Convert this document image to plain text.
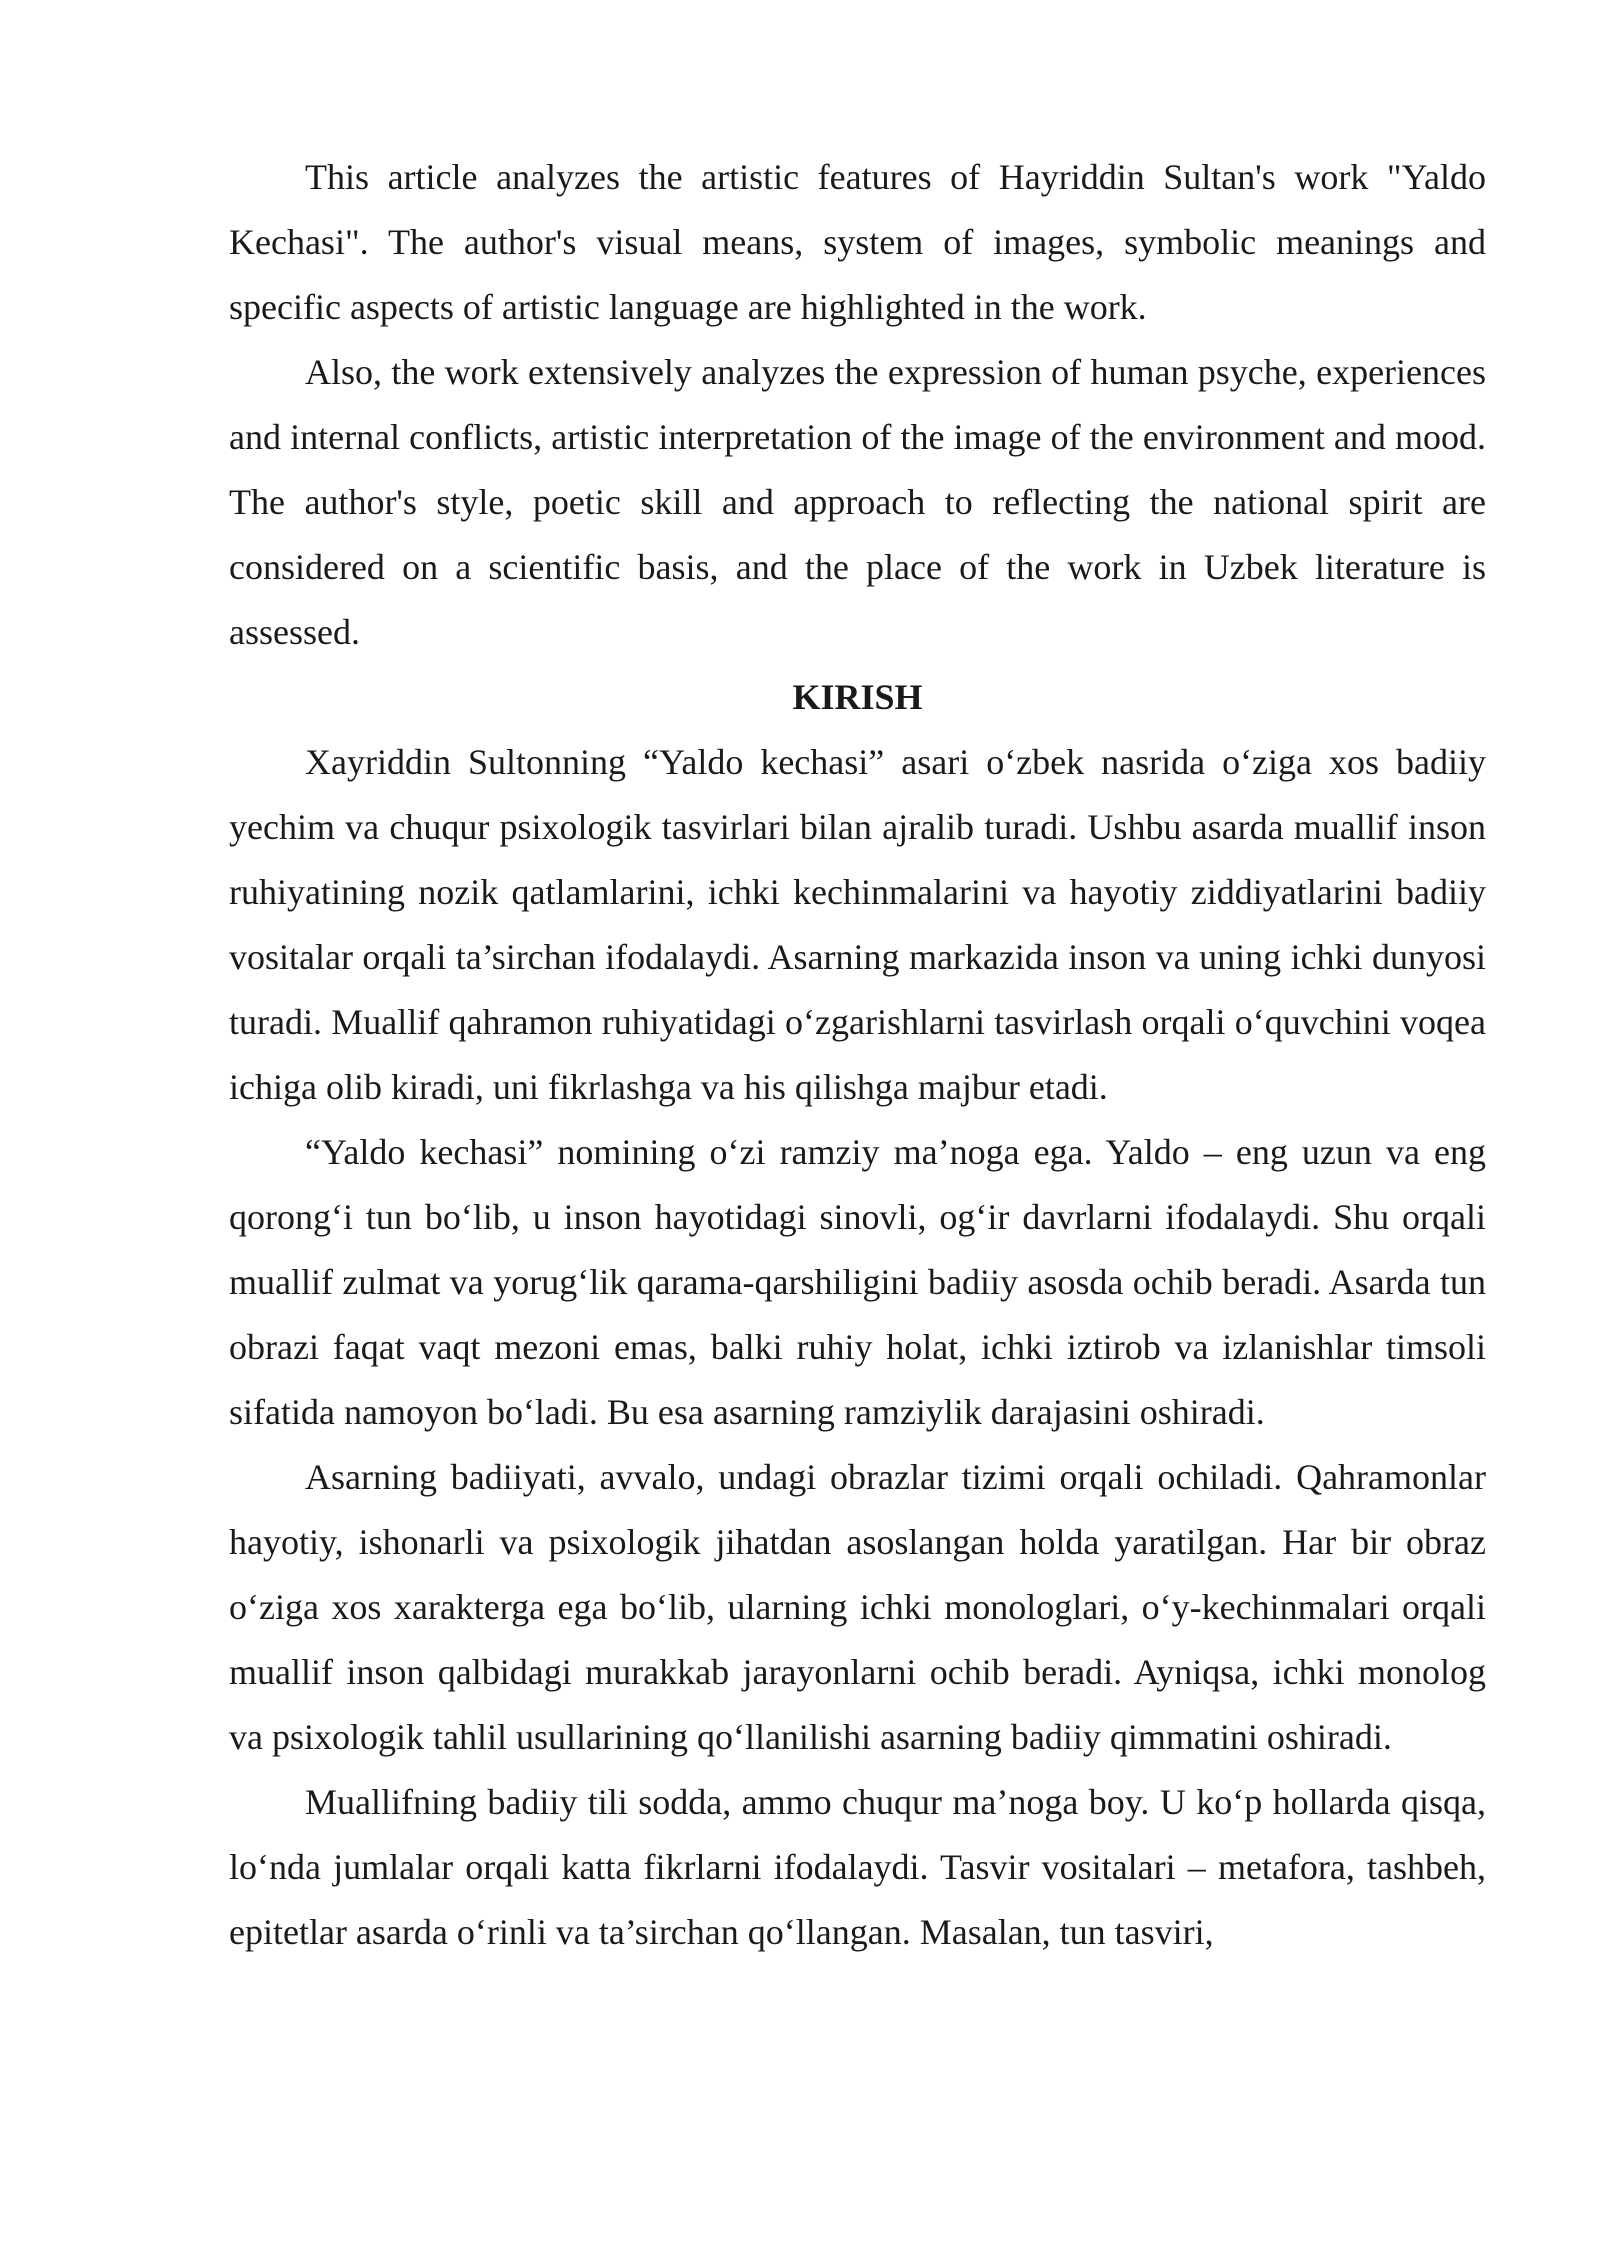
This article analyzes the artistic features of Hayriddin Sultan's work "Yaldo Kechasi". The author's visual means, system of images, symbolic meanings and specific aspects of artistic language are highlighted in the work.

Also, the work extensively analyzes the expression of human psyche, experiences and internal conflicts, artistic interpretation of the image of the environment and mood. The author's style, poetic skill and approach to reflecting the national spirit are considered on a scientific basis, and the place of the work in Uzbek literature is assessed.

KIRISH

Xayriddin Sultonning “Yaldo kechasi” asari o‘zbek nasrida o‘ziga xos badiiy yechim va chuqur psixologik tasvirlari bilan ajralib turadi. Ushbu asarda muallif inson ruhiyatining nozik qatlamlarini, ichki kechinmalarini va hayotiy ziddiyatlarini badiiy vositalar orqali ta’sirchan ifodalaydi. Asarning markazida inson va uning ichki dunyosi turadi. Muallif qahramon ruhiyatidagi o‘zgarishlarni tasvirlash orqali o‘quvchini voqea ichiga olib kiradi, uni fikrlashga va his qilishga majbur etadi.

“Yaldo kechasi” nomining o‘zi ramziy ma’noga ega. Yaldo – eng uzun va eng qorong‘i tun bo‘lib, u inson hayotidagi sinovli, og‘ir davrlarni ifodalaydi. Shu orqali muallif zulmat va yorug‘lik qarama-qarshiligini badiiy asosda ochib beradi. Asarda tun obrazi faqat vaqt mezoni emas, balki ruhiy holat, ichki iztirob va izlanishlar timsoli sifatida namoyon bo‘ladi. Bu esa asarning ramziylik darajasini oshiradi.

Asarning badiiyati, avvalo, undagi obrazlar tizimi orqali ochiladi. Qahramonlar hayotiy, ishonarli va psixologik jihatdan asoslangan holda yaratilgan. Har bir obraz o‘ziga xos xarakterga ega bo‘lib, ularning ichki monologlari, o‘y-kechinmalari orqali muallif inson qalbidagi murakkab jarayonlarni ochib beradi. Ayniqsa, ichki monolog va psixologik tahlil usullarining qo‘llanilishi asarning badiiy qimmatini oshiradi.

Muallifning badiiy tili sodda, ammo chuqur ma’noga boy. U ko‘p hollarda qisqa, lo‘nda jumlalar orqali katta fikrlarni ifodalaydi. Tasvir vositalari – metafora, tashbeh, epitetlar asarda o‘rinli va ta’sirchan qo‘llangan. Masalan, tun tasviri,
